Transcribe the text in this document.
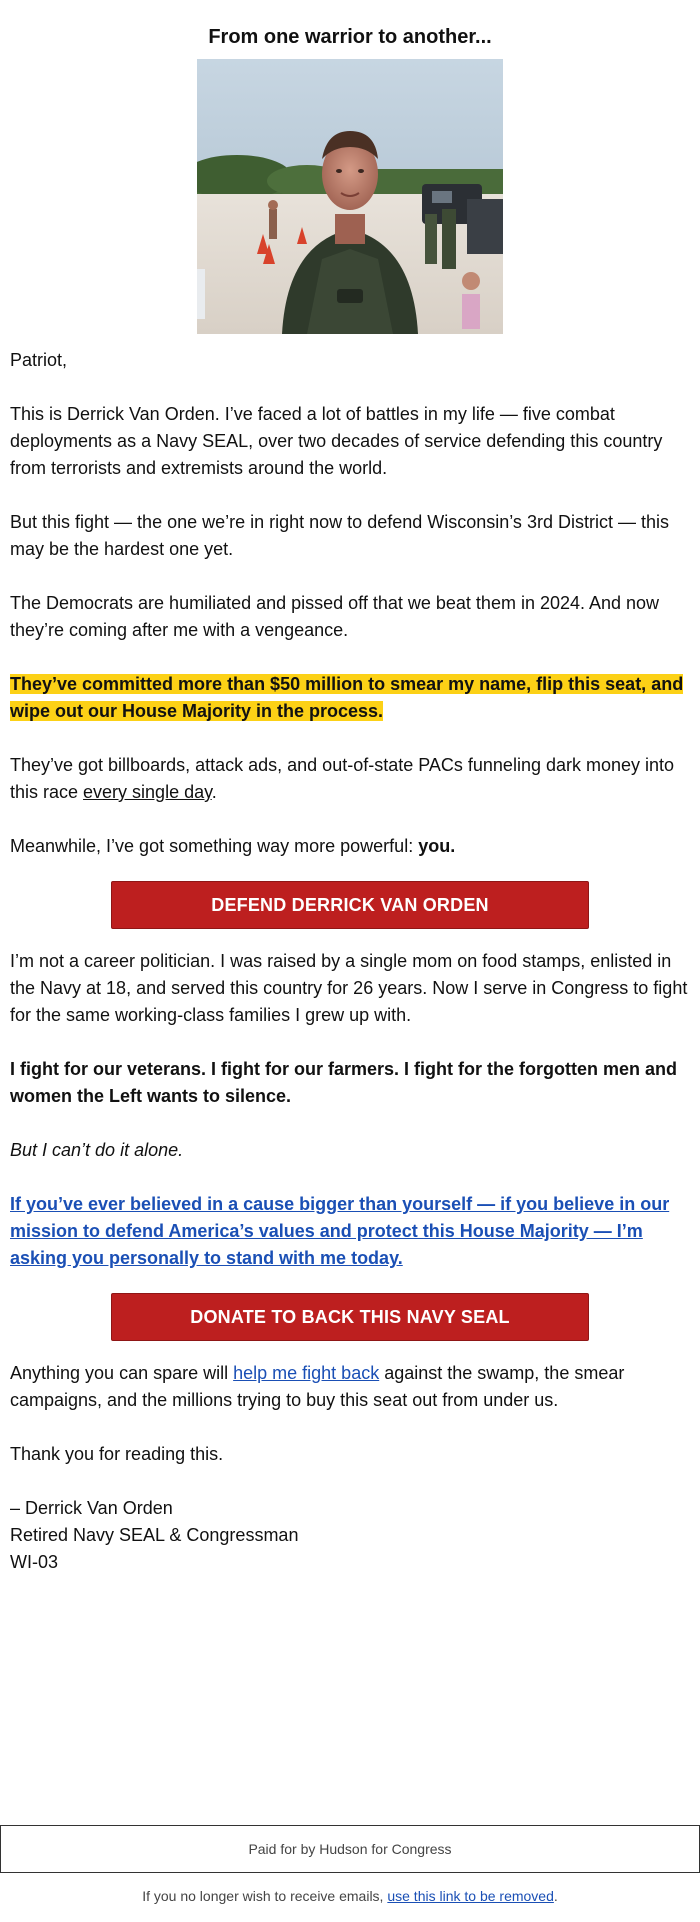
From one warrior to another...

Patriot,

This is Derrick Van Orden. I’ve faced a lot of battles in my life — five combat deployments as a Navy SEAL, over two decades of service defending this country from terrorists and extremists around the world.

But this fight — the one we’re in right now to defend Wisconsin’s 3rd District — this may be the hardest one yet.

The Democrats are humiliated and pissed off that we beat them in 2024. And now they’re coming after me with a vengeance.

They’ve committed more than $50 million to smear my name, flip this seat, and wipe out our House Majority in the process.

They’ve got billboards, attack ads, and out-of-state PACs funneling dark money into this race every single day.

Meanwhile, I’ve got something way more powerful: you.

DEFEND DERRICK VAN ORDEN

I’m not a career politician. I was raised by a single mom on food stamps, enlisted in the Navy at 18, and served this country for 26 years. Now I serve in Congress to fight for the same working-class families I grew up with.

I fight for our veterans. I fight for our farmers. I fight for the forgotten men and women the Left wants to silence.

But I can’t do it alone.

If you’ve ever believed in a cause bigger than yourself — if you believe in our mission to defend America’s values and protect this House Majority — I’m asking you personally to stand with me today.

DONATE TO BACK THIS NAVY SEAL

Anything you can spare will help me fight back against the swamp, the smear campaigns, and the millions trying to buy this seat out from under us.

Thank you for reading this.

– Derrick Van Orden
Retired Navy SEAL & Congressman
WI-03

Paid for by Hudson for Congress
If you no longer wish to receive emails, use this link to be removed.
